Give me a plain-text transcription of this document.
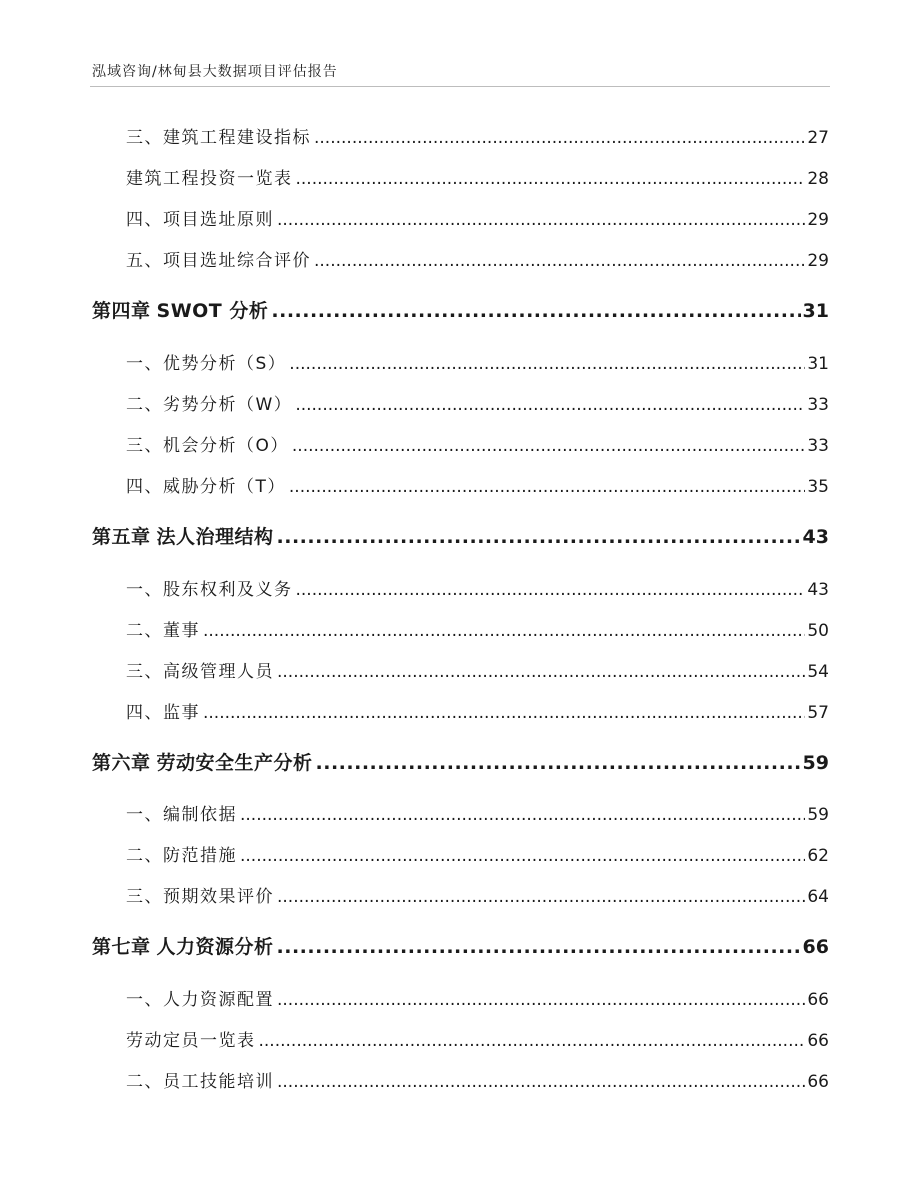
泓域咨询/林甸县大数据项目评估报告
三、 建筑工程建设指标 .....	27
建筑工程投资一览表 .....	28
四、 项目选址原则 .....	29
五、 项目选址综合评价 .....	29
第四章 SWOT 分析 .....	31
一、 优势分析（S） .....	31
二、 劣势分析（W） .....	33
三、 机会分析（O） .....	33
四、 威胁分析（T） .....	35
第五章 法人治理结构 .....	43
一、 股东权利及义务 .....	43
二、 董事 .....	50
三、 高级管理人员 .....	54
四、 监事 .....	57
第六章 劳动安全生产分析 .....	59
一、 编制依据 .....	59
二、 防范措施 .....	62
三、 预期效果评价 .....	64
第七章 人力资源分析 .....	66
一、 人力资源配置 .....	66
劳动定员一览表 .....	66
二、 员工技能培训 .....	66
